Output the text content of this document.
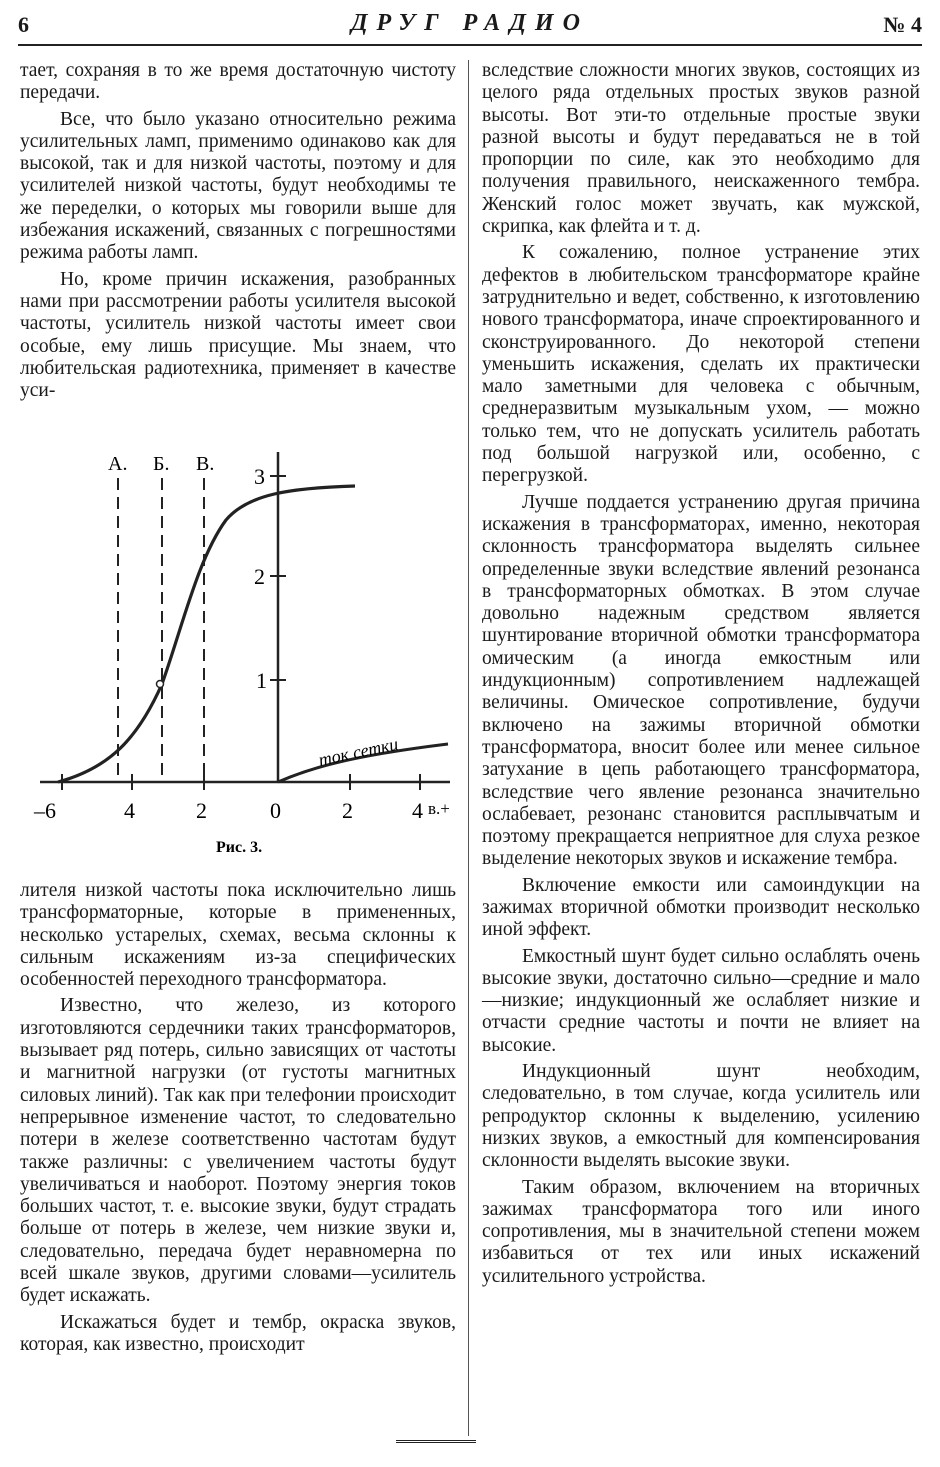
6	ДРУГ РАДИО	№ 4

тает, сохраняя в то же время достаточную чистоту передачи.

Все, что было указано относительно режима усилительных ламп, применимо одинаково как для высокой, так и для низкой частоты, поэтому и для усилителей низкой частоты, будут необходимы те же переделки, о которых мы говорили выше для избежания искажений, связанных с погрешностями режима работы ламп.

Но, кроме причин искажения, разобранных нами при рассмотрении работы усилителя высокой частоты, усилитель низкой частоты имеет свои особые, ему лишь присущие. Мы знаем, что любительская радиотехника, применяет в качестве уси-

А. Б. В. 3
2
1
ток сетки
–6	4	2	0	2	4 в.+
Рис. 3.

лителя низкой частоты пока исключительно лишь трансформаторные, которые в примененных, несколько устарелых, схемах, весьма склонны к сильным искажениям из-за специфических особенностей переходного трансформатора.

Известно, что железо, из которого изготовляются сердечники таких трансформаторов, вызывает ряд потерь, сильно зависящих от частоты и магнитной нагрузки (от густоты магнитных силовых линий). Так как при телефонии происходит непрерывное изменение частот, то следовательно потери в железе соответственно частотам будут также различны: с увеличением частоты будут увеличиваться и наоборот. Поэтому энергия токов больших частот, т. е. высокие звуки, будут страдать больше от потерь в железе, чем низкие звуки и, следовательно, передача будет неравномерна по всей шкале звуков, другими словами—усилитель будет искажать.

Искажаться будет и тембр, окраска звуков, которая, как известно, происходит

вследствие сложности многих звуков, состоящих из целого ряда отдельных простых звуков разной высоты. Вот эти-то отдельные простые звуки разной высоты и будут передаваться не в той пропорции по силе, как это необходимо для получения правильного, неискаженного тембра. Женский голос может звучать, как мужской, скрипка, как флейта и т. д.

К сожалению, полное устранение этих дефектов в любительском трансформаторе крайне затруднительно и ведет, собственно, к изготовлению нового трансформатора, иначе спроектированного и сконструированного. До некоторой степени уменьшить искажения, сделать их практически мало заметными для человека с обычным, среднеразвитым музыкальным ухом, — можно только тем, что не допускать усилитель работать под большой нагрузкой или, особенно, с перегрузкой.

Лучше поддается устранению другая причина искажения в трансформаторах, именно, некоторая склонность трансформатора выделять сильнее определенные звуки вследствие явлений резонанса в трансформаторных обмотках. В этом случае довольно надежным средством является шунтирование вторичной обмотки трансформатора омическим (а иногда емкостным или индукционным) сопротивлением надлежащей величины. Омическое сопротивление, будучи включено на зажимы вторичной обмотки трансформатора, вносит более или менее сильное затухание в цепь работающего трансформатора, вследствие чего явление резонанса значительно ослабевает, резонанс становится расплывчатым и поэтому прекращается неприятное для слуха резкое выделение некоторых звуков и искажение тембра.

Включение емкости или самоиндукции на зажимах вторичной обмотки производит несколько иной эффект.

Емкостный шунт будет сильно ослаблять очень высокие звуки, достаточно сильно—средние и мало—низкие; индукционный же ослабляет низкие и отчасти средние частоты и почти не влияет на высокие.

Индукционный шунт необходим, следовательно, в том случае, когда усилитель или репродуктор склонны к выделению, усилению низких звуков, а емкостный для компенсирования склонности выделять высокие звуки.

Таким образом, включением на вторичных зажимах трансформатора того или иного сопротивления, мы в значительной степени можем избавиться от тех или иных искажений усилительного устройства.
